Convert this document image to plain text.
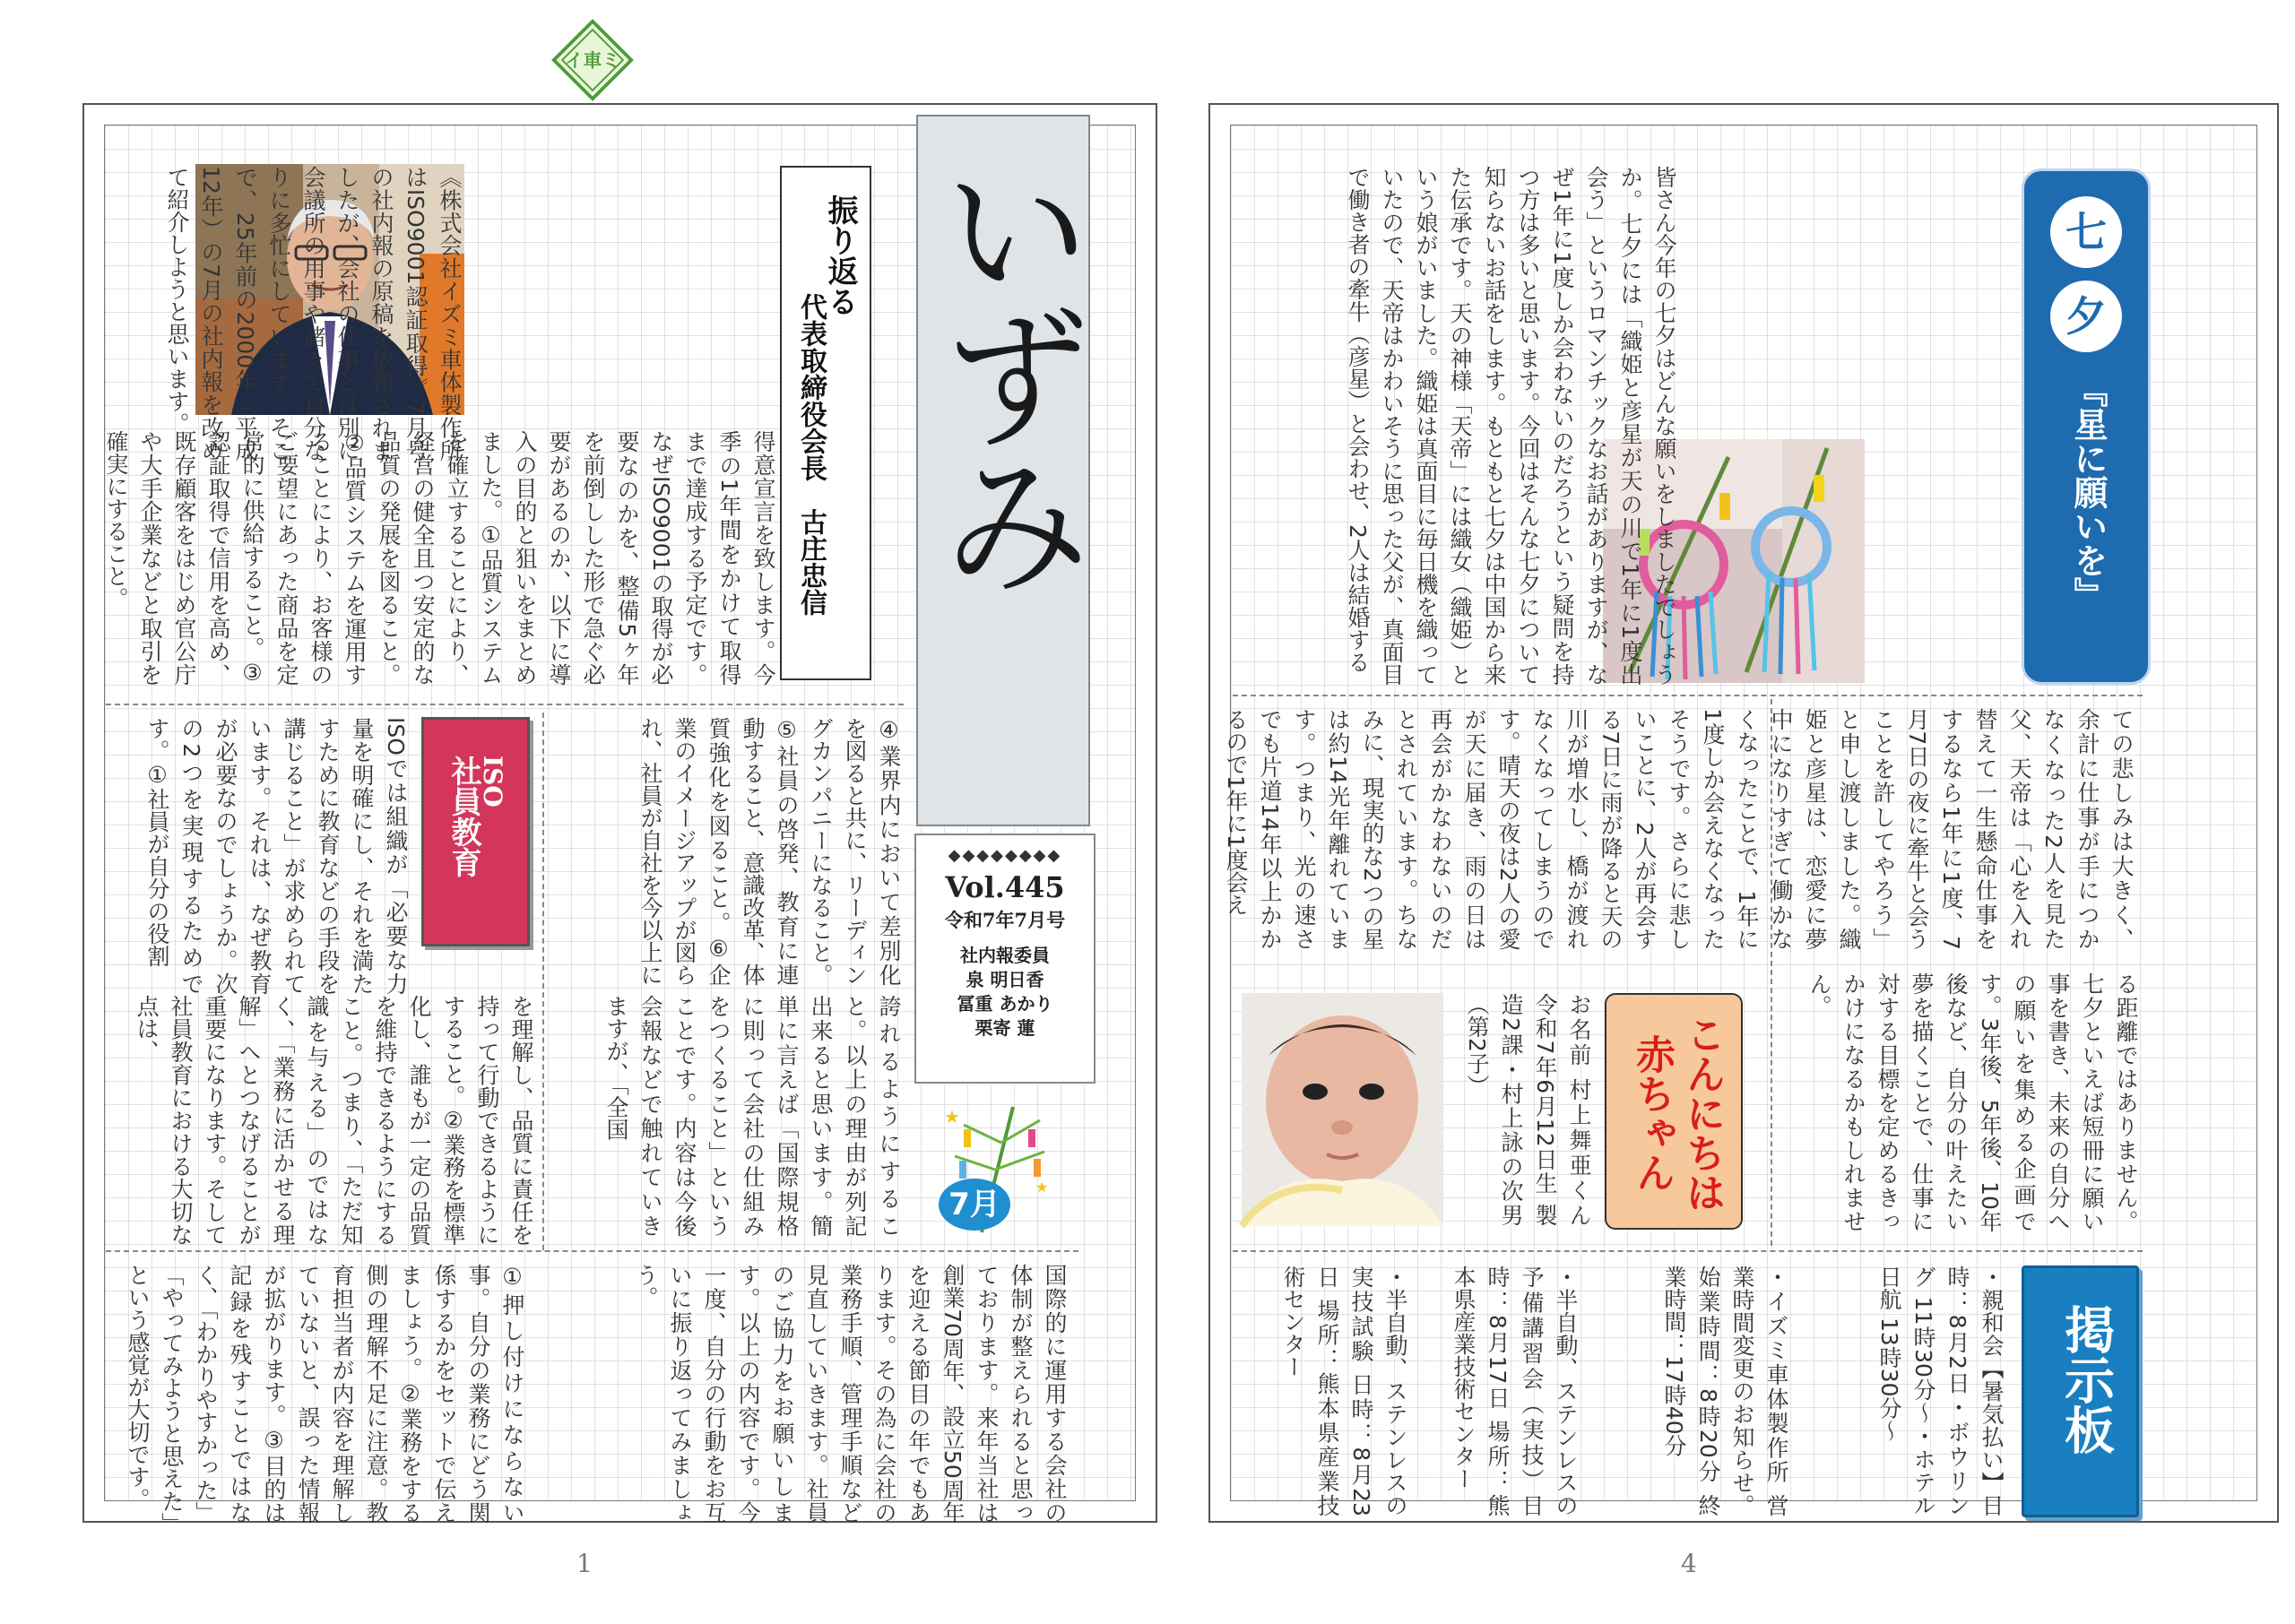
イ車ミ
いずみ
◆◆◆◆◆◆◆◆
Vol.445
令和7年7月号
社内報委員
泉 明日香
冨重 あかり
栗寄 蓮
★
★
7月
振り返る
代表取締役会長　古庄忠信
《株式会社イズミ車体製作所はISO9001認証取得》7月号の社内報の原稿を依頼されましたが、会社の仕事とは別に会議所の用事や諸々で自分なりに多忙にしています。そこで、25年前の2000年（平成12年）の7月の社内報を改めて紹介しようと思います。
得意宣言を致します。今季の1年間をかけて取得まで達成する予定です。なぜISO9001の取得が必要なのかを、整備5ヶ年を前倒しした形で急ぐ必要があるのか、以下に導入の目的と狙いをまとめました。①品質システムを確立することにより、経営の健全且つ安定的な品質の発展を図ること。②品質システムを運用することにより、お客様のご要望にあった商品を定常的に供給すること。③認証取得で信用を高め、既存顧客をはじめ官公庁や大手企業などと取引を確実にすること。
④業界内において差別化を図ると共に、リーディングカンパニーになること。⑤社員の啓発、教育に連動すること、意識改革、体質強化を図ること。⑥企業のイメージアップが図られ、社員が自社を今以上に
誇れるようにすること。以上の理由が列記出来ると思います。簡単に言えば「国際規格に則って会社の仕組みをつくること」ということです。内容は今後会報などで触れていきますが、「全国
ISO
社員教育
ISOでは組織が「必要な力量を明確にし、それを満たすために教育などの手段を講じること」が求められています。それは、なぜ教育が必要なのでしょうか。次の2つを実現するためです。①社員が自分の役割
を理解し、品質に責任を持って行動できるようにすること。②業務を標準化し、誰もが一定の品質を維持できるようにすること。つまり、「ただ知識を与える」のではなく、「業務に活かせる理解」へとつなげることが重要になります。そして社員教育における大切な点は、
国際的に運用する会社の体制が整えられると思っております。来年当社は創業70周年、設立50周年を迎える節目の年でもあります。その為に会社の業務手順、管理手順など見直していきます。社員のご協力をお願いします。以上の内容です。今一度、自分の行動をお互いに振り返ってみましょう。
①押し付けにならない事。自分の業務にどう関係するかをセットで伝えましょう。②業務をする側の理解不足に注意。教育担当者が内容を理解していないと、誤った情報が拡がります。③目的は記録を残すことではなく、「わかりやすかった」「やってみようと思えた」という感覚が大切です。
1
七
夕
『星に願いを』
皆さん今年の七夕はどんな願いをしましたでしょうか。七夕には「織姫と彦星が天の川で1年に1度出会う」というロマンチックなお話がありますが、なぜ1年に1度しか会わないのだろうという疑問を持つ方は多いと思います。今回はそんな七夕について知らないお話をします。もともと七夕は中国から来た伝承です。天の神様「天帝」には織女（織姫）という娘がいました。織姫は真面目に毎日機を織っていたので、天帝はかわいそうに思った父が、真面目で働き者の牽牛（彦星）と会わせ、2人は結婚する
ての悲しみは大きく、余計に仕事が手につかなくなった2人を見た父、天帝は「心を入れ替えて一生懸命仕事をするなら1年に1度、7月7日の夜に牽牛と会うことを許してやろう」と申し渡しました。織姫と彦星は、恋愛に夢中になりすぎて働かなくなったことで、1年に1度しか会えなくなったそうです。さらに悲しいことに、2人が再会する7日に雨が降ると天の川が増水し、橋が渡れなくなってしまうのです。晴天の夜は2人の愛が天に届き、雨の日は再会がかなわないのだとされています。ちなみに、現実的な2つの星は約14光年離れています。つまり、光の速さでも片道14年以上かかるので1年に1度会え
る距離ではありません。七夕といえば短冊に願い事を書き、未来の自分への願いを集める企画です。3年後、5年後、10年後など、自分の叶えたい夢を描くことで、仕事に対する目標を定めるきっかけになるかもしれません。
こんにちは赤ちゃん
お名前 村上舞亜くん 令和7年6月12日生 製造2課・村上詠の次男（第2子）
掲示板
・親和会【暑気払い】日時：8月2日・ボウリング 11時30分〜・ホテル日航 13時30分〜
・イズミ車体製作所 営業時間変更のお知らせ。始業時間：8時20分 終業時間：17時40分
・半自動、ステンレスの予備講習会（実技）日時：8月17日 場所：熊本県産業技術センター
・半自動、ステンレスの実技試験 日時：8月23日 場所：熊本県産業技術センター
4
